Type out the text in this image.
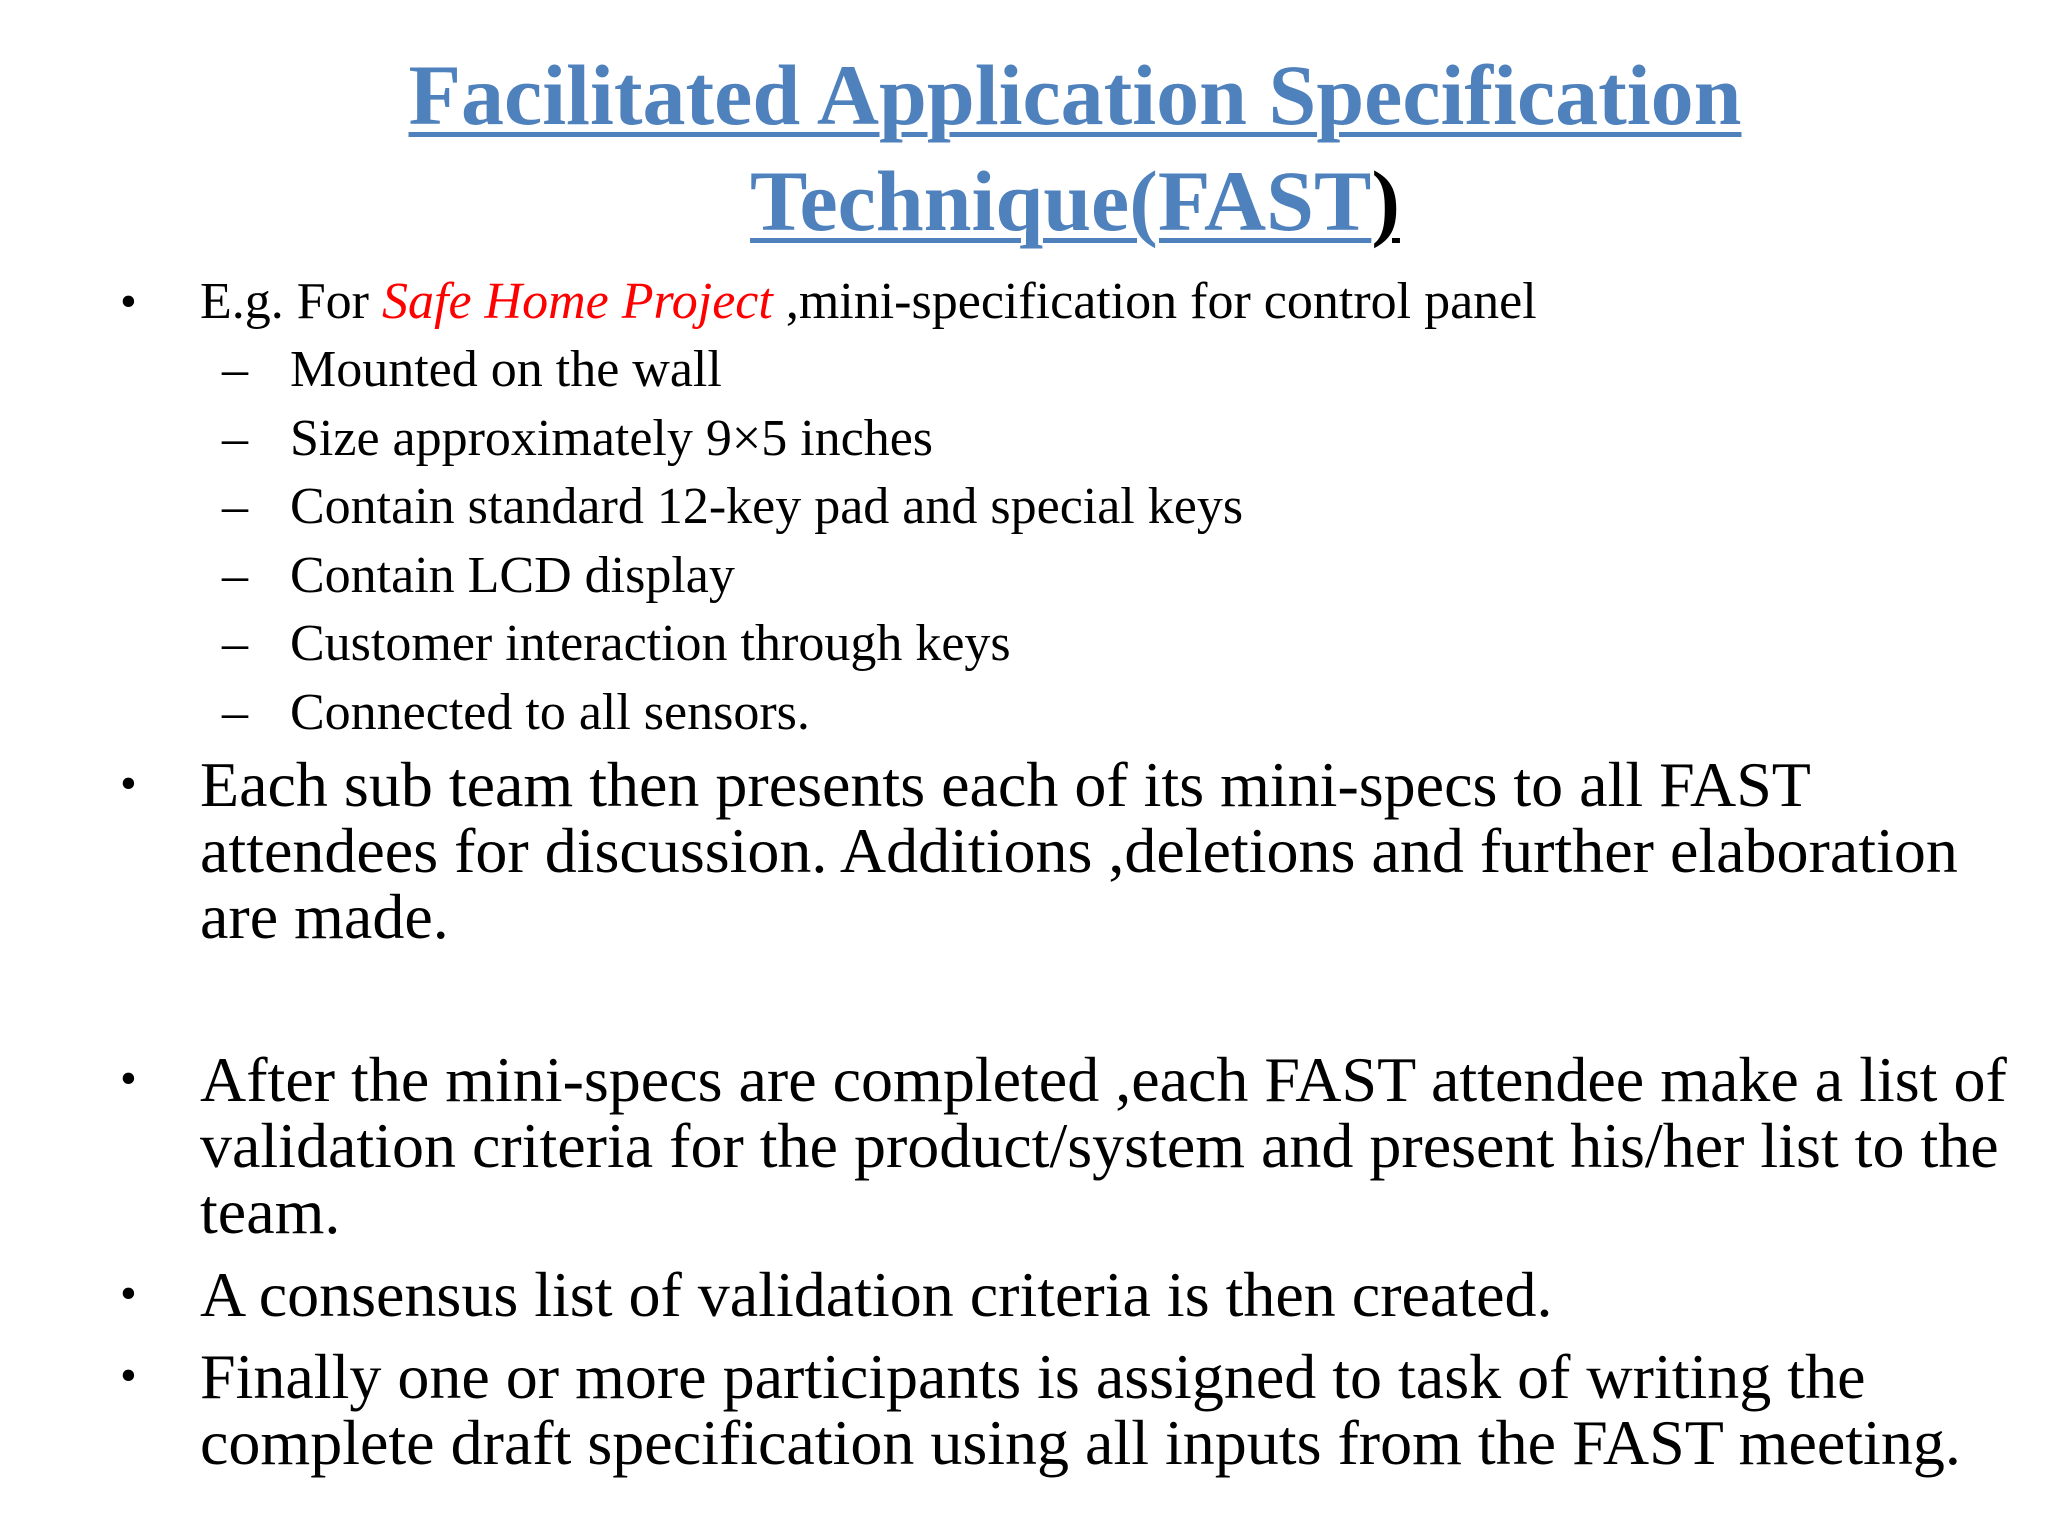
Facilitated Application Specification
Technique(FAST)
• E.g. For Safe Home Project ,mini-specification for control panel
– Mounted on the wall
– Size approximately 9×5 inches
– Contain standard 12-key pad and special keys
– Contain LCD display
– Customer interaction through keys
– Connected to all sensors.
• Each sub team then presents each of its mini-specs to all FAST attendees for discussion. Additions ,deletions and further elaboration are made.
• After the mini-specs are completed ,each FAST attendee make a list of validation criteria for the product/system and present his/her list to the team.
• A consensus list of validation criteria is then created.
• Finally one or more participants is assigned to task of writing the complete draft specification using all inputs from the FAST meeting.
